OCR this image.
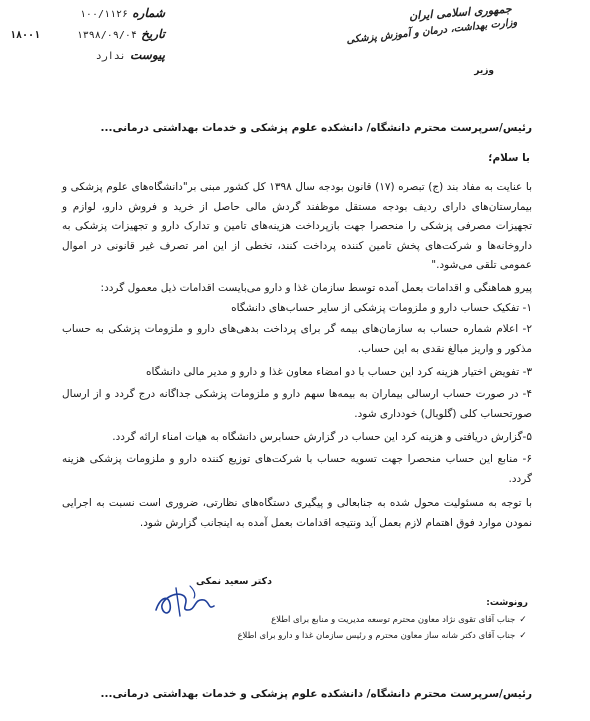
جمهوری اسلامی ایران
وزارت بهداشت، درمان و آموزش پزشکی
وزیر
شماره ۱۰۰/۱۱۲۶
تاریخ ۱۳۹۸/۰۹/۰۴
پیوست ندارد
۱۸۰۰۱
رئیس/سرپرست محترم دانشگاه/ دانشکده علوم پزشکی و خدمات بهداشتی درمانی...
با سلام؛
با عنایت به مفاد بند (ج) تبصره (۱۷) قانون بودجه سال ۱۳۹۸ کل کشور مبنی بر"دانشگاه‌های علوم پزشکی و بیمارستان‌های دارای ردیف بودجه مستقل موظفند گردش مالی حاصل از خرید و فروش دارو، لوازم و تجهیزات مصرفی پزشکی را منحصرا جهت بازپرداخت هزینه‌های تامین و تدارک دارو و تجهیزات پزشکی به داروخانه‌ها و شرکت‌های پخش تامین کننده پرداخت کنند، تخطی از این امر تصرف غیر قانونی در اموال عمومی تلقی می‌شود."
پیرو هماهنگی و اقدامات بعمل آمده توسط سازمان غذا و دارو می‌بایست اقدامات ذیل معمول گردد:
۱- تفکیک حساب دارو و ملزومات پزشکی از سایر حساب‌های دانشگاه
۲- اعلام شماره حساب به سازمان‌های بیمه گر برای پرداخت بدهی‌های دارو و ملزومات پزشکی به حساب مذکور و واریز مبالغ نقدی به این حساب.
۳- تفویض اختیار هزینه کرد این حساب با دو امضاء معاون غذا و دارو و مدیر مالی دانشگاه
۴- در صورت حساب ارسالی بیماران به بیمه‌ها سهم دارو و ملزومات پزشکی جداگانه درج گردد و از ارسال صورتحساب کلی (گلوبال) خودداری شود.
۵-گزارش دریافتی و هزینه کرد این حساب در گزارش حسابرس دانشگاه به هیات امناء ارائه گردد.
۶- منابع این حساب منحصرا جهت تسویه حساب با شرکت‌های توزیع کننده دارو و ملزومات پزشکی هزینه گردد.
با توجه به مسئولیت محول شده به جنابعالی و پیگیری دستگاه‌های نظارتی، ضروری است نسبت به اجرایی نمودن موارد فوق اهتمام لازم بعمل آید ونتیجه اقدامات بعمل آمده به اینجانب گزارش شود.
دکتر سعید نمکی
رونوشت:
✓ جناب آقای تقوی نژاد معاون محترم توسعه مدیریت و منابع برای اطلاع
✓ جناب آقای دکتر شانه ساز معاون محترم و رئیس سازمان غذا و دارو برای اطلاع
رئیس/سرپرست محترم دانشگاه/ دانشکده علوم پزشکی و خدمات بهداشتی درمانی...
